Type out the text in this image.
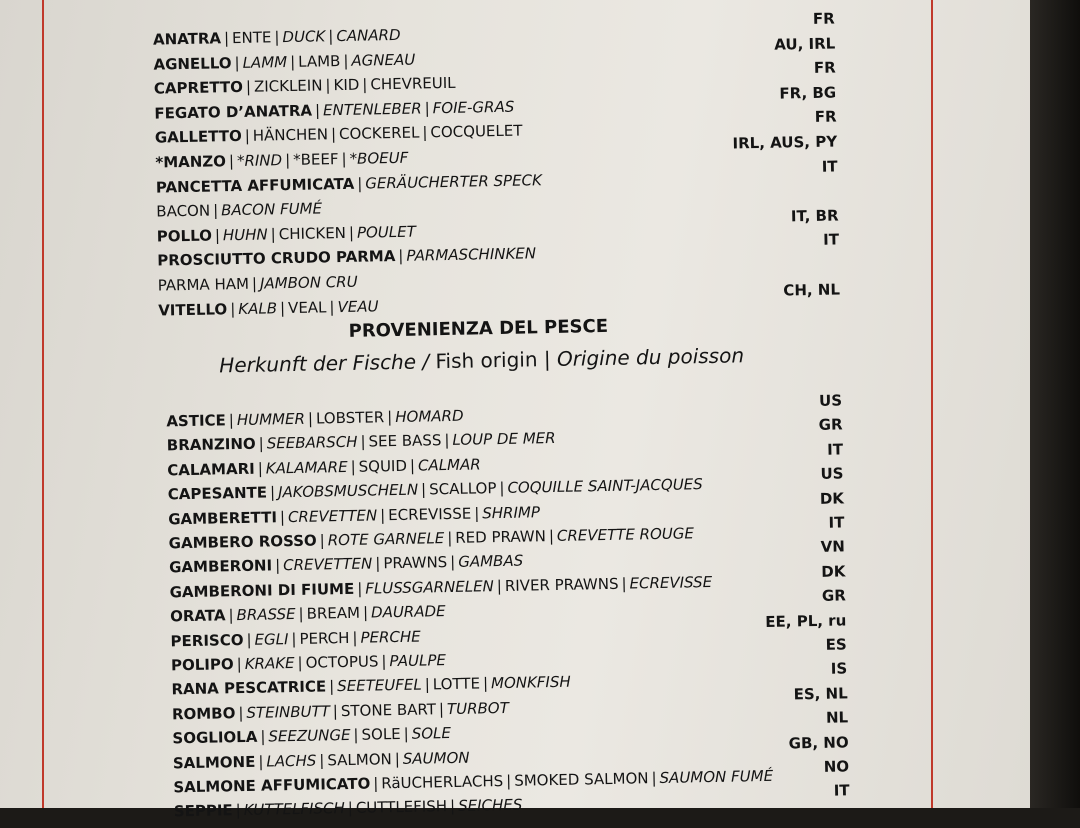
ANATRA | ENTE | DUCK | CANARD
FR
AGNELLO | LAMM | LAMB | AGNEAU
AU, IRL
CAPRETTO | ZICKLEIN | KID | CHEVREUIL
FR
FEGATO D’ANATRA | ENTENLEBER | FOIE-GRAS
FR, BG
GALLETTO | HÄNCHEN | COCKEREL | COCQUELET
FR
*MANZO | *RIND | *BEEF | *BOEUF
IRL, AUS, PY
PANCETTA AFFUMICATA | GERÄUCHERTER SPECK
IT
BACON | BACON FUMÉ
POLLO | HUHN | CHICKEN | POULET
IT, BR
PROSCIUTTO CRUDO PARMA | PARMASCHINKEN
IT
PARMA HAM | JAMBON CRU
VITELLO | KALB | VEAL | VEAU
CH, NL
PROVENIENZA DEL PESCE
Herkunft der Fische / Fish origin | Origine du poisson
ASTICE | HUMMER | LOBSTER | HOMARD
US
BRANZINO | SEEBARSCH | SEE BASS | LOUP DE MER
GR
CALAMARI | KALAMARE | SQUID | CALMAR
IT
CAPESANTE | JAKOBSMUSCHELN | SCALLOP | COQUILLE SAINT-JACQUES
US
GAMBERETTI | CREVETTEN | ECREVISSE | SHRIMP
DK
GAMBERO ROSSO | ROTE GARNELE | RED PRAWN | CREVETTE ROUGE
IT
GAMBERONI | CREVETTEN | PRAWNS | GAMBAS
VN
GAMBERONI DI FIUME | FLUSSGARNELEN | RIVER PRAWNS | ECREVISSE
DK
ORATA | BRASSE | BREAM | DAURADE
GR
PERISCO | EGLI | PERCH | PERCHE
EE, PL, ru
POLIPO | KRAKE | OCTOPUS | PAULPE
ES
RANA PESCATRICE | SEETEUFEL | LOTTE | MONKFISH
IS
ROMBO | STEINBUTT | STONE BART | TURBOT
ES, NL
SOGLIOLA | SEEZUNGE | SOLE | SOLE
NL
SALMONE | LACHS | SALMON | SAUMON
GB, NO
SALMONE AFFUMICATO | RäUCHERLACHS | SMOKED SALMON | SAUMON FUMÉ
NO
SEPPIE | KUTTELFISCH | CUTTLEFISH | SEICHES
IT
